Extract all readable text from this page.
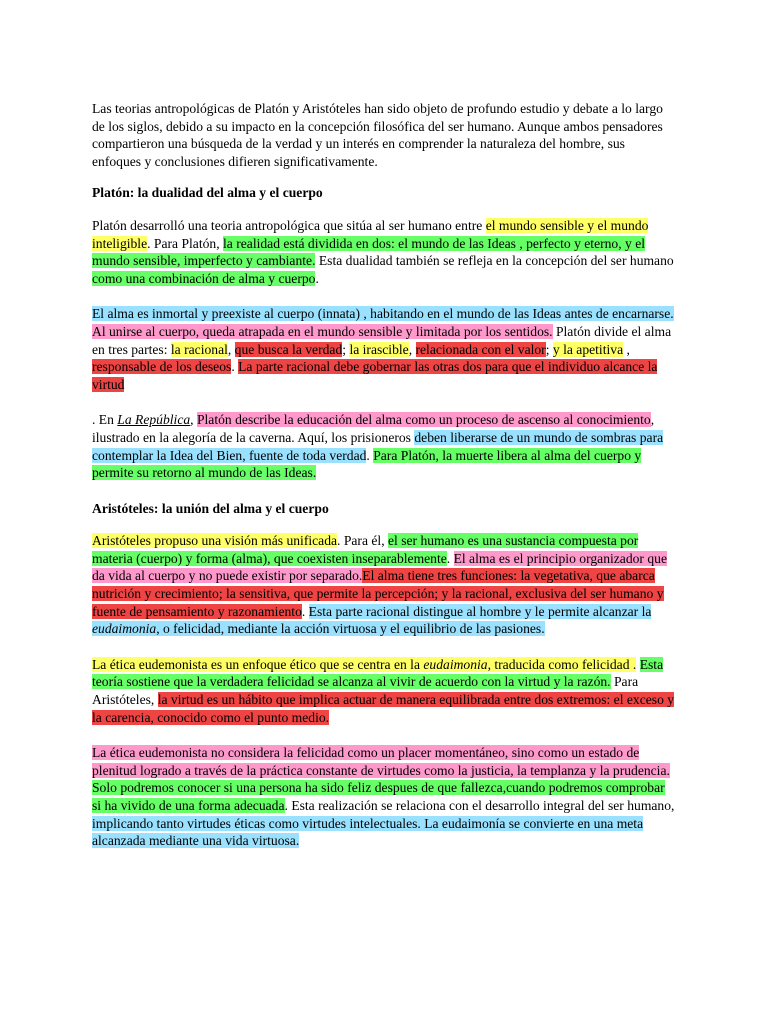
Las teorias antropológicas de Platón y Aristóteles han sido objeto de profundo estudio y debate a lo largo de los siglos, debido a su impacto en la concepción filosófica del ser humano. Aunque ambos pensadores compartieron una búsqueda de la verdad y un interés en comprender la naturaleza del hombre, sus enfoques y conclusiones difieren significativamente.

Platón: la dualidad del alma y el cuerpo

Platón desarrolló una teoria antropológica que sitúa al ser humano entre el mundo sensible y el mundo inteligible. Para Platón, la realidad está dividida en dos: el mundo de las Ideas , perfecto y eterno, y el mundo sensible, imperfecto y cambiante. Esta dualidad también se refleja en la concepción del ser humano como una combinación de alma y cuerpo.

El alma es inmortal y preexiste al cuerpo (innata) , habitando en el mundo de las Ideas antes de encarnarse. Al unirse al cuerpo, queda atrapada en el mundo sensible y limitada por los sentidos. Platón divide el alma en tres partes: la racional, que busca la verdad; la irascible, relacionada con el valor; y la apetitiva , responsable de los deseos. La parte racional debe gobernar las otras dos para que el individuo alcance la virtud

. En La República, Platón describe la educación del alma como un proceso de ascenso al conocimiento, ilustrado en la alegoría de la caverna. Aquí, los prisioneros deben liberarse de un mundo de sombras para contemplar la Idea del Bien, fuente de toda verdad. Para Platón, la muerte libera al alma del cuerpo y permite su retorno al mundo de las Ideas.

Aristóteles: la unión del alma y el cuerpo

Aristóteles propuso una visión más unificada. Para él, el ser humano es una sustancia compuesta por materia (cuerpo) y forma (alma), que coexisten inseparablemente. El alma es el principio organizador que da vida al cuerpo y no puede existir por separado.El alma tiene tres funciones: la vegetativa, que abarca nutrición y crecimiento; la sensitiva, que permite la percepción; y la racional, exclusiva del ser humano y fuente de pensamiento y razonamiento. Esta parte racional distingue al hombre y le permite alcanzar la eudaimonia, o felicidad, mediante la acción virtuosa y el equilibrio de las pasiones.

La ética eudemonista es un enfoque ético que se centra en la eudaimonia, traducida como felicidad . Esta teoría sostiene que la verdadera felicidad se alcanza al vivir de acuerdo con la virtud y la razón. Para Aristóteles, la virtud es un hábito que implica actuar de manera equilibrada entre dos extremos: el exceso y la carencia, conocido como el punto medio.

La ética eudemonista no considera la felicidad como un placer momentáneo, sino como un estado de plenitud logrado a través de la práctica constante de virtudes como la justicia, la templanza y la prudencia. Solo podremos conocer si una persona ha sido feliz despues de que fallezca,cuando podremos comprobar si ha vivido de una forma adecuada. Esta realización se relaciona con el desarrollo integral del ser humano, implicando tanto virtudes éticas como virtudes intelectuales. La eudaimonía se convierte en una meta alcanzada mediante una vida virtuosa.
